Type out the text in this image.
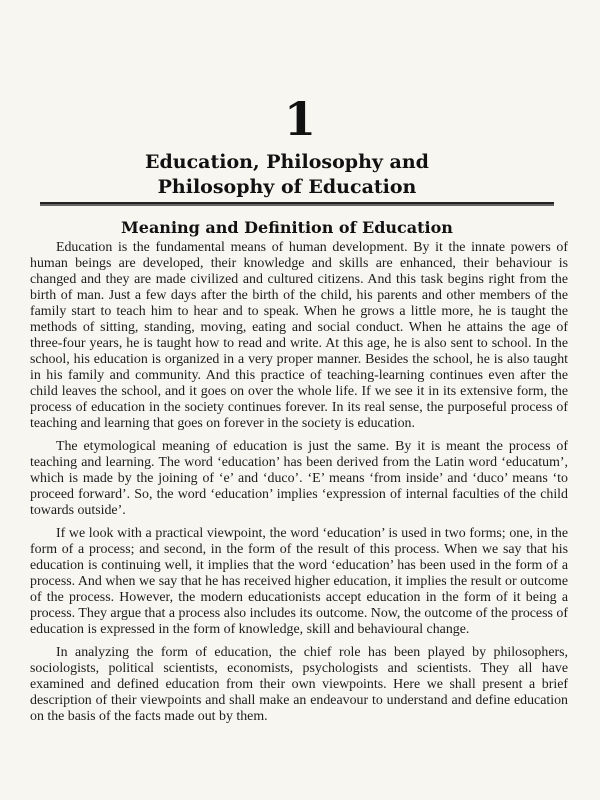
1
Education, Philosophy and
Philosophy of Education
Meaning and Definition of Education

Education is the fundamental means of human development. By it the innate powers of human beings are developed, their knowledge and skills are enhanced, their behaviour is changed and they are made civilized and cultured citizens. And this task begins right from the birth of man. Just a few days after the birth of the child, his parents and other members of the family start to teach him to hear and to speak. When he grows a little more, he is taught the methods of sitting, standing, moving, eating and social conduct. When he attains the age of three-four years, he is taught how to read and write. At this age, he is also sent to school. In the school, his education is organized in a very proper manner. Besides the school, he is also taught in his family and community. And this practice of teaching-learning continues even after the child leaves the school, and it goes on over the whole life. If we see it in its extensive form, the process of education in the society continues forever. In its real sense, the purposeful process of teaching and learning that goes on forever in the society is education.

The etymological meaning of education is just the same. By it is meant the process of teaching and learning. The word ‘education’ has been derived from the Latin word ‘educatum’, which is made by the joining of ‘e’ and ‘duco’. ‘E’ means ‘from inside’ and ‘duco’ means ‘to proceed forward’. So, the word ‘education’ implies ‘expression of internal faculties of the child towards outside’.

If we look with a practical viewpoint, the word ‘education’ is used in two forms; one, in the form of a process; and second, in the form of the result of this process. When we say that his education is continuing well, it implies that the word ‘education’ has been used in the form of a process. And when we say that he has received higher education, it implies the result or outcome of the process. However, the modern educationists accept education in the form of it being a process. They argue that a process also includes its outcome. Now, the outcome of the process of education is expressed in the form of knowledge, skill and behavioural change.

In analyzing the form of education, the chief role has been played by philosophers, sociologists, political scientists, economists, psychologists and scientists. They all have examined and defined education from their own viewpoints. Here we shall present a brief description of their viewpoints and shall make an endeavour to understand and define education on the basis of the facts made out by them.
